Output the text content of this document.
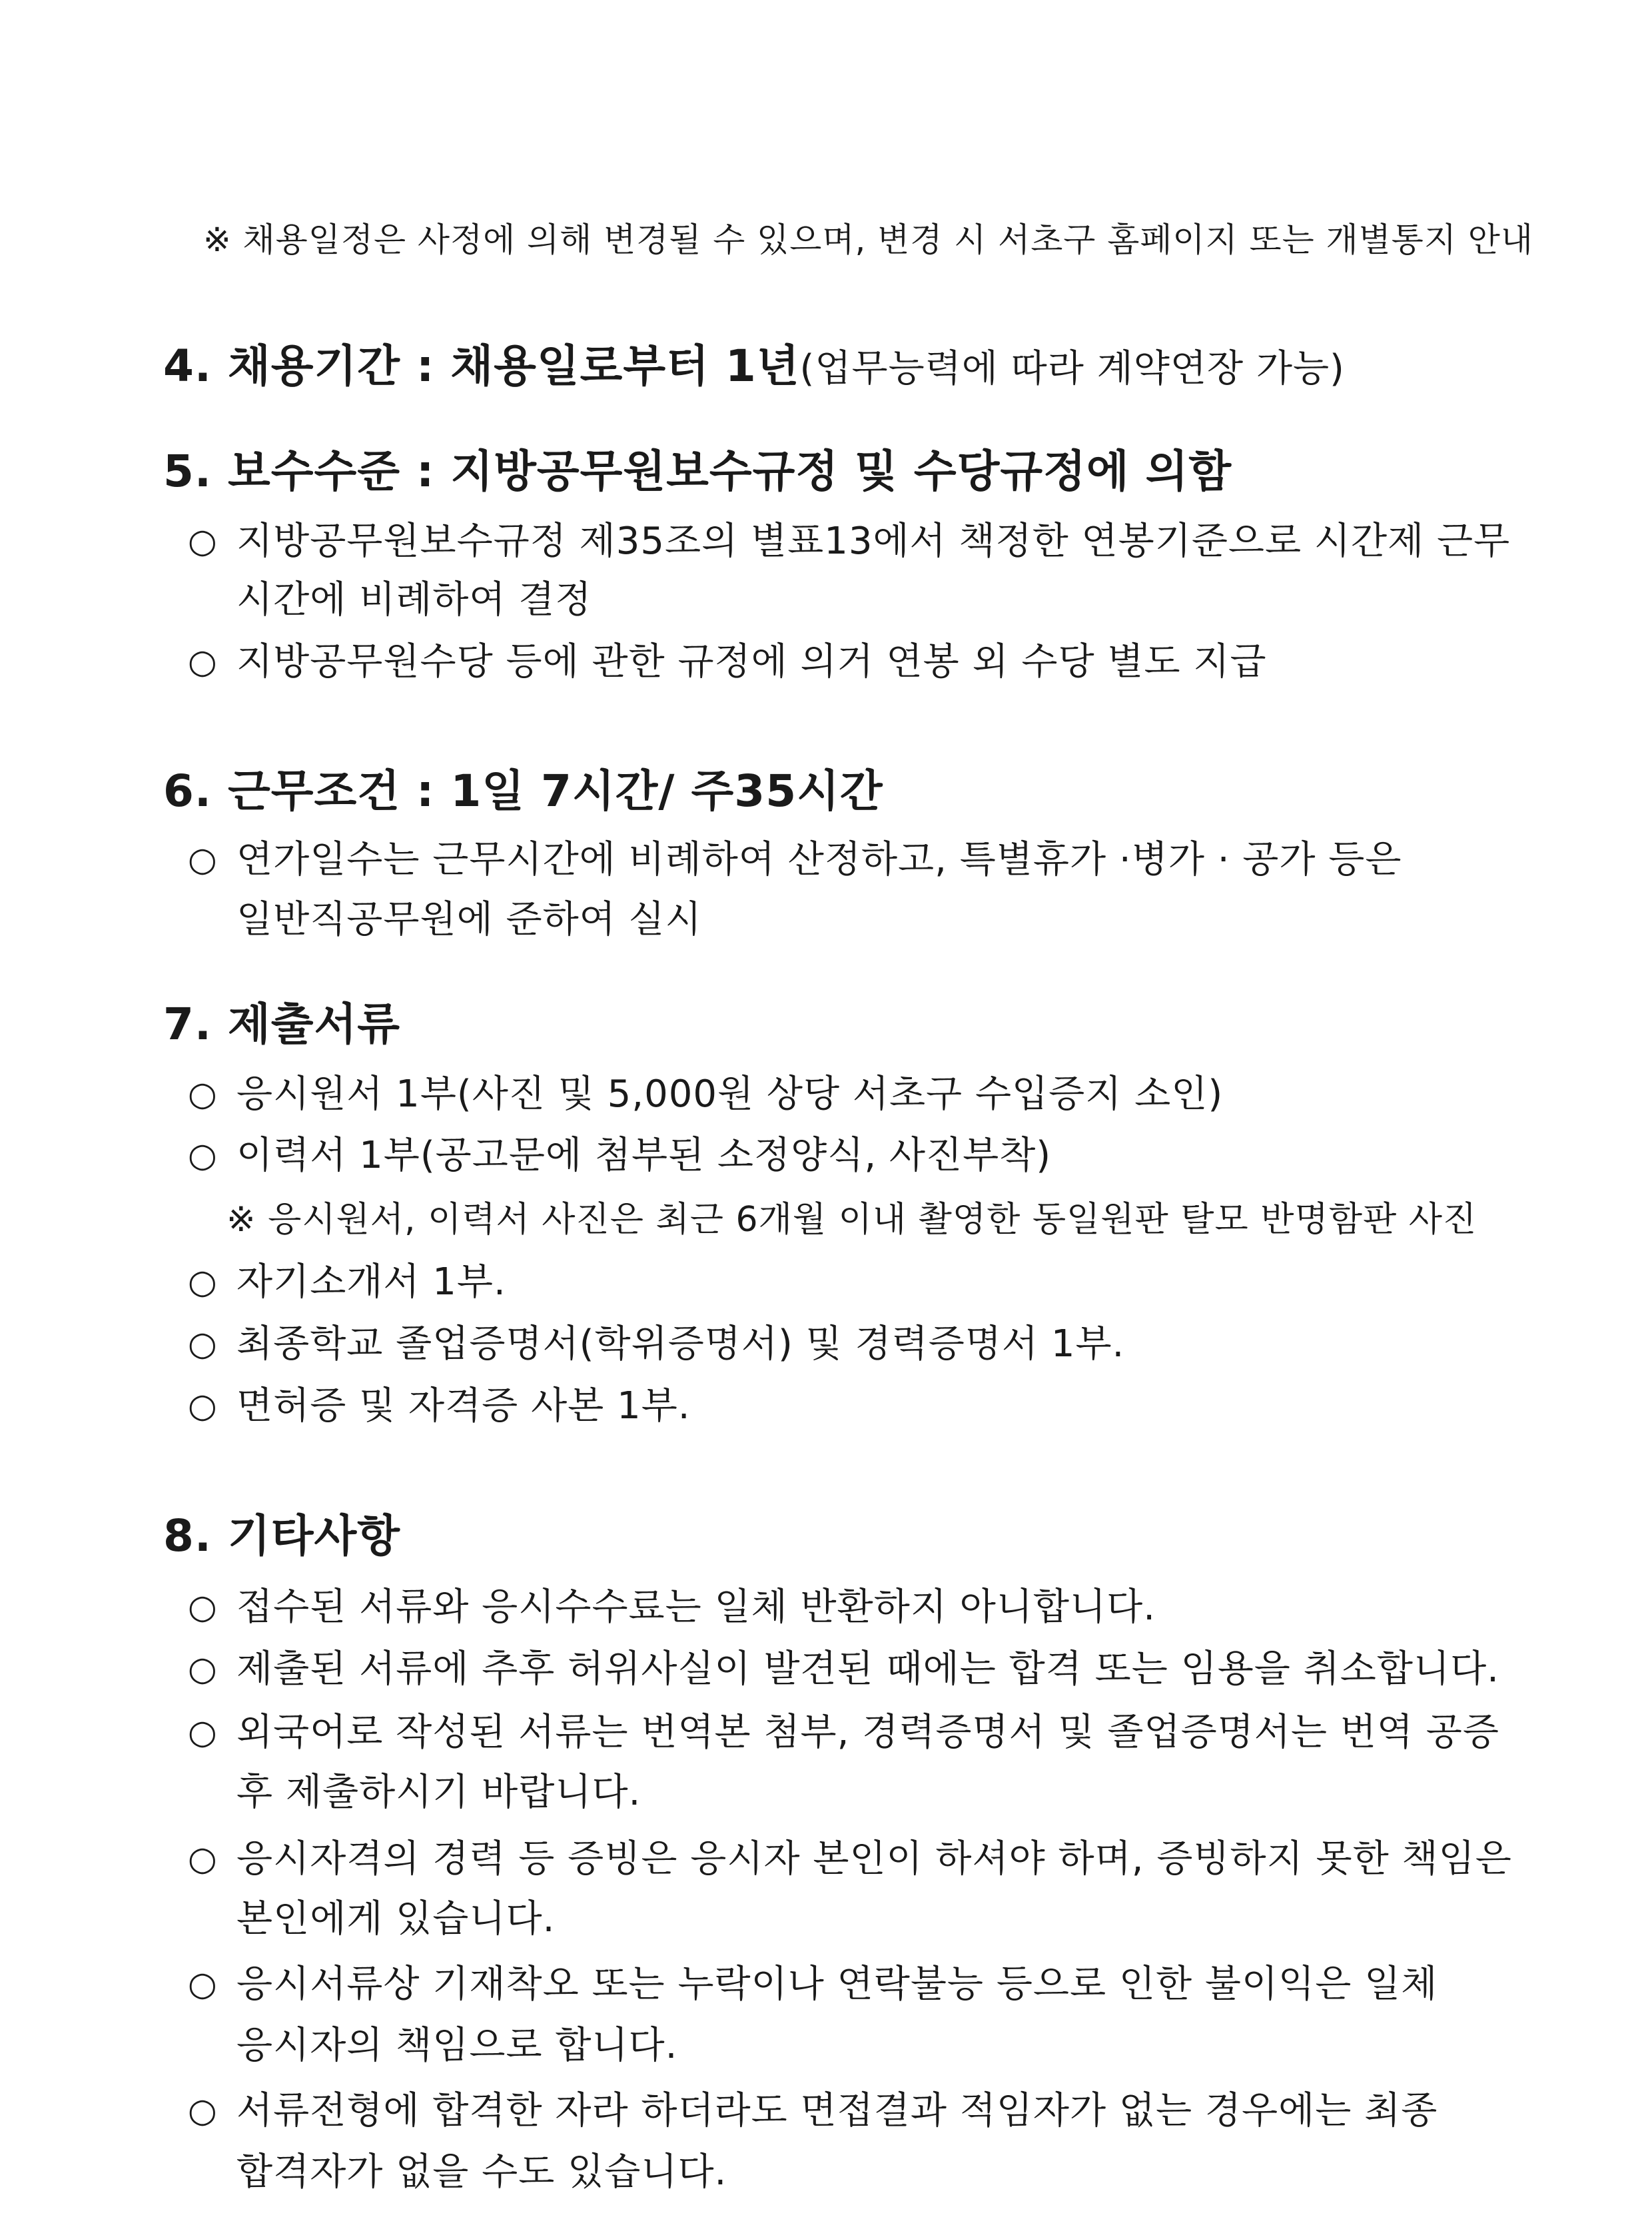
※ 채용일정은 사정에 의해 변경될 수 있으며, 변경 시 서초구 홈페이지 또는 개별통지 안내
4. 채용기간 : 채용일로부터 1년(업무능력에 따라 계약연장 가능)
5. 보수수준 : 지방공무원보수규정 및 수당규정에 의함
○ 지방공무원보수규정 제35조의 별표13에서 책정한 연봉기준으로 시간제 근무
시간에 비례하여 결정
○ 지방공무원수당 등에 관한 규정에 의거 연봉 외 수당 별도 지급
6. 근무조건 : 1일 7시간/ 주35시간
○ 연가일수는 근무시간에 비례하여 산정하고, 특별휴가 ·병가 · 공가 등은
일반직공무원에 준하여 실시
7. 제출서류
○ 응시원서 1부(사진 및 5,000원 상당 서초구 수입증지 소인)
○ 이력서 1부(공고문에 첨부된 소정양식, 사진부착)
※ 응시원서, 이력서 사진은 최근 6개월 이내 촬영한 동일원판 탈모 반명함판 사진
○ 자기소개서 1부.
○ 최종학교 졸업증명서(학위증명서) 및 경력증명서 1부.
○ 면허증 및 자격증 사본 1부.
8. 기타사항
○ 접수된 서류와 응시수수료는 일체 반환하지 아니합니다.
○ 제출된 서류에 추후 허위사실이 발견된 때에는 합격 또는 임용을 취소합니다.
○ 외국어로 작성된 서류는 번역본 첨부, 경력증명서 및 졸업증명서는 번역 공증
후 제출하시기 바랍니다.
○ 응시자격의 경력 등 증빙은 응시자 본인이 하셔야 하며, 증빙하지 못한 책임은
본인에게 있습니다.
○ 응시서류상 기재착오 또는 누락이나 연락불능 등으로 인한 불이익은 일체
응시자의 책임으로 합니다.
○ 서류전형에 합격한 자라 하더라도 면접결과 적임자가 없는 경우에는 최종
합격자가 없을 수도 있습니다.
